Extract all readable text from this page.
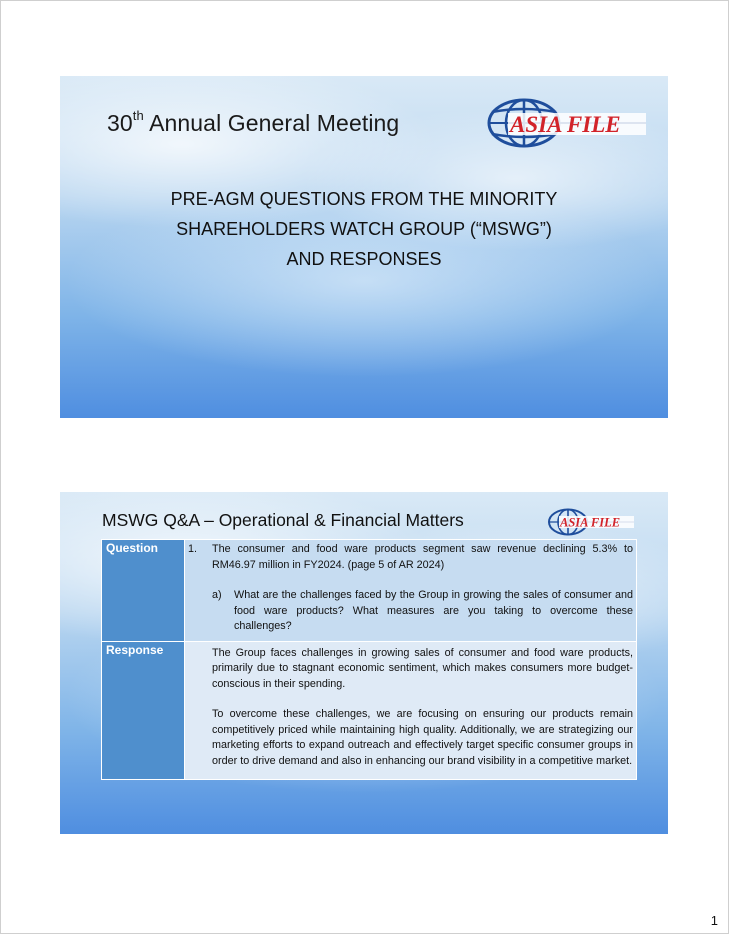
30th Annual General Meeting	ASIA FILE
PRE-AGM QUESTIONS FROM THE MINORITY
SHAREHOLDERS WATCH GROUP (“MSWG”)
AND RESPONSES
MSWG Q&A – Operational & Financial Matters	ASIA FILE
Question	1. The consumer and food ware products segment saw revenue declining 5.3% to RM46.97 million in FY2024. (page 5 of AR 2024)
a) What are the challenges faced by the Group in growing the sales of consumer and food ware products? What measures are you taking to overcome these challenges?

Response	The Group faces challenges in growing sales of consumer and food ware products, primarily due to stagnant economic sentiment, which makes consumers more budget-conscious in their spending.

To overcome these challenges, we are focusing on ensuring our products remain competitively priced while maintaining high quality. Additionally, we are strategizing our marketing efforts to expand outreach and effectively target specific consumer groups in order to drive demand and also in enhancing our brand visibility in a competitive market.

1
